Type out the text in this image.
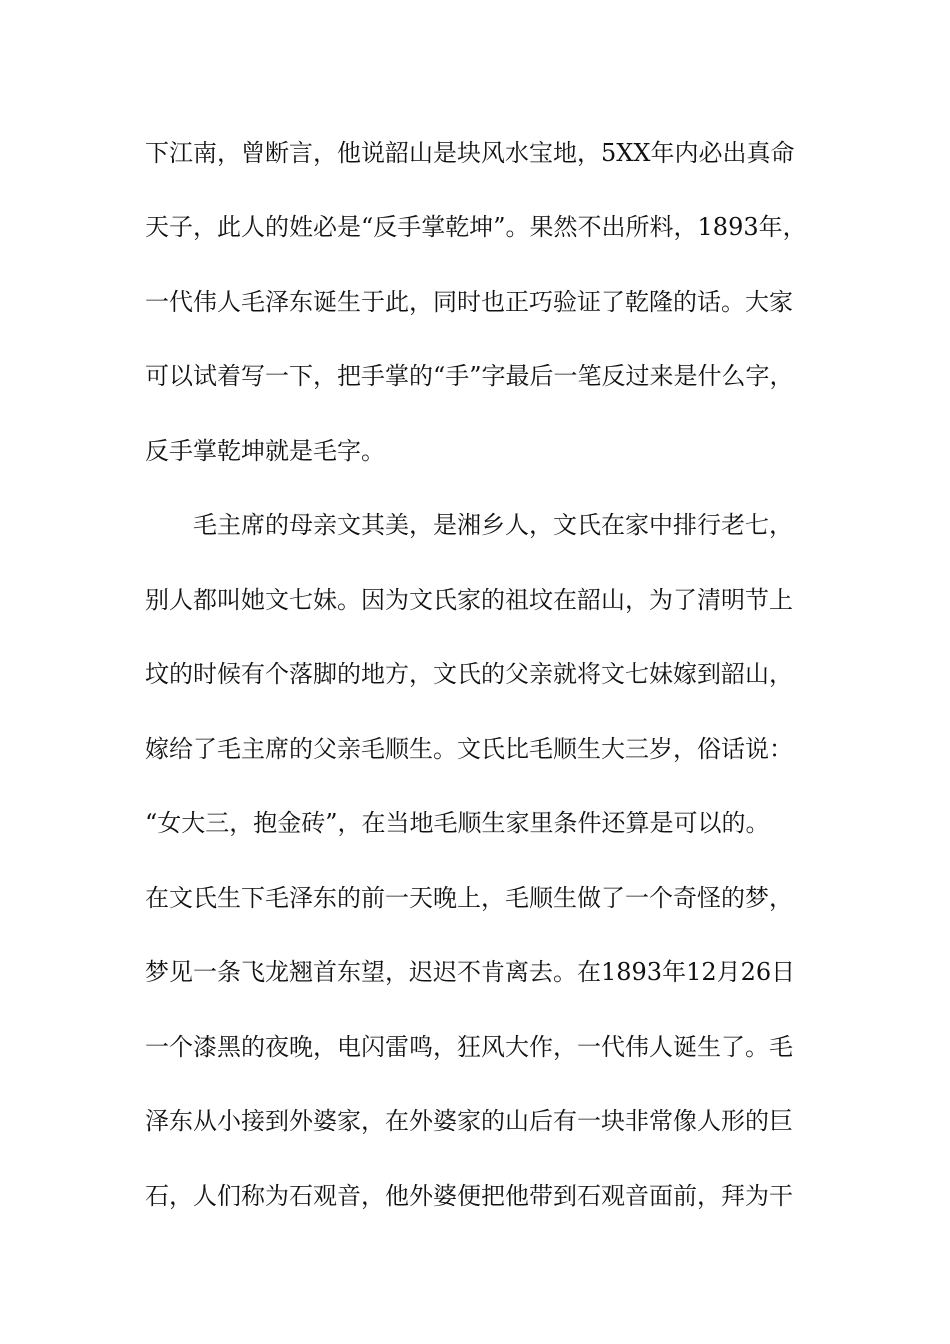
下江南，曾断言，他说韶山是块风水宝地，5XX年内必出真命
天子，此人的姓必是“反手掌乾坤”。果然不出所料，1893年，
一代伟人毛泽东诞生于此，同时也正巧验证了乾隆的话。大家
可以试着写一下，把手掌的“手”字最后一笔反过来是什么字，
反手掌乾坤就是毛字。
　　毛主席的母亲文其美，是湘乡人，文氏在家中排行老七，
别人都叫她文七妹。因为文氏家的祖坟在韶山，为了清明节上
坟的时候有个落脚的地方，文氏的父亲就将文七妹嫁到韶山，
嫁给了毛主席的父亲毛顺生。文氏比毛顺生大三岁，俗话说：
“女大三，抱金砖”，在当地毛顺生家里条件还算是可以的。
在文氏生下毛泽东的前一天晚上，毛顺生做了一个奇怪的梦，
梦见一条飞龙翘首东望，迟迟不肯离去。在1893年12月26日
一个漆黑的夜晚，电闪雷鸣，狂风大作，一代伟人诞生了。毛
泽东从小接到外婆家，在外婆家的山后有一块非常像人形的巨
石，人们称为石观音，他外婆便把他带到石观音面前，拜为干
